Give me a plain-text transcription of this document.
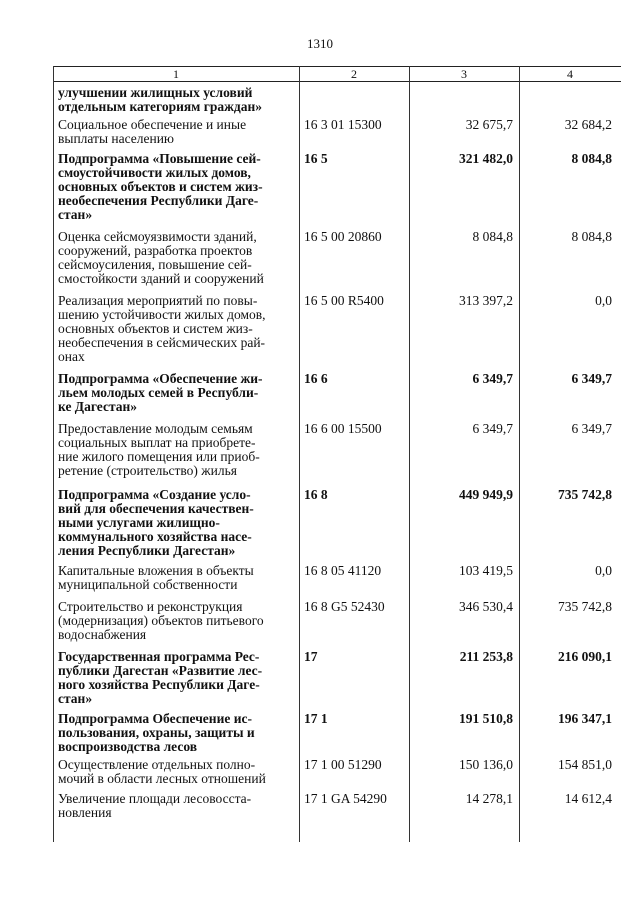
1310
1	2	3	4
улучшении жилищных условий
отдельным категориям граждан»
Социальное обеспечение и иные
выплаты населению
16 3 01 15300	32 675,7	32 684,2
Подпрограмма «Повышение сей-
смоустойчивости жилых домов,
основных объектов и систем жиз-
необеспечения Республики Даге-
стан»
16 5	321 482,0	8 084,8
Оценка сейсмоуязвимости зданий,
сооружений, разработка проектов
сейсмоусиления, повышение сей-
смостойкости зданий и сооружений
16 5 00 20860	8 084,8	8 084,8
Реализация мероприятий по повы-
шению устойчивости жилых домов,
основных объектов и систем жиз-
необеспечения в сейсмических рай-
онах
16 5 00 R5400	313 397,2	0,0
Подпрограмма «Обеспечение жи-
льем молодых семей в Республи-
ке Дагестан»
16 6	6 349,7	6 349,7
Предоставление молодым семьям
социальных выплат на приобрете-
ние жилого помещения или приоб-
ретение (строительство) жилья
16 6 00 15500	6 349,7	6 349,7
Подпрограмма «Создание усло-
вий для обеспечения качествен-
ными услугами жилищно-
коммунального хозяйства насе-
ления Республики Дагестан»
16 8	449 949,9	735 742,8
Капитальные вложения в объекты
муниципальной собственности
16 8 05 41120	103 419,5	0,0
Строительство и реконструкция
(модернизация) объектов питьевого
водоснабжения
16 8 G5 52430	346 530,4	735 742,8
Государственная программа Рес-
публики Дагестан «Развитие лес-
ного хозяйства Республики Даге-
стан»
17	211 253,8	216 090,1
Подпрограмма Обеспечение ис-
пользования, охраны, защиты и
воспроизводства лесов
17 1	191 510,8	196 347,1
Осуществление отдельных полно-
мочий в области лесных отношений
17 1 00 51290	150 136,0	154 851,0
Увеличение площади лесовосста-
новления
17 1 GA 54290	14 278,1	14 612,4
